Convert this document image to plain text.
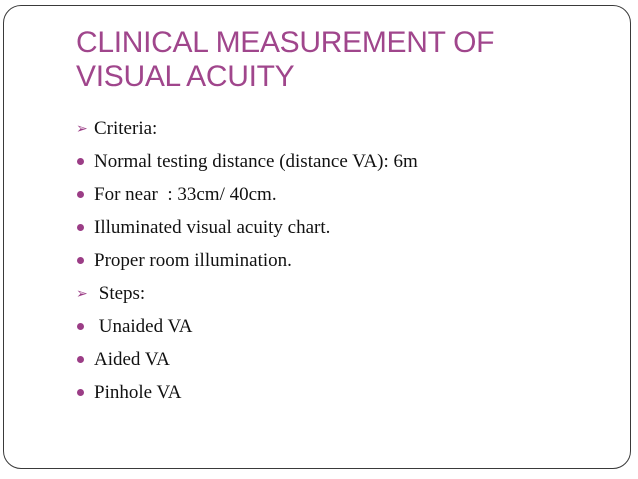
CLINICAL MEASUREMENT OF
VISUAL ACUITY
➢ Criteria:
Normal testing distance (distance VA): 6m
For near  : 33cm/ 40cm.
Illuminated visual acuity chart.
Proper room illumination.
➢ Steps:
Unaided VA
Aided VA
Pinhole VA
